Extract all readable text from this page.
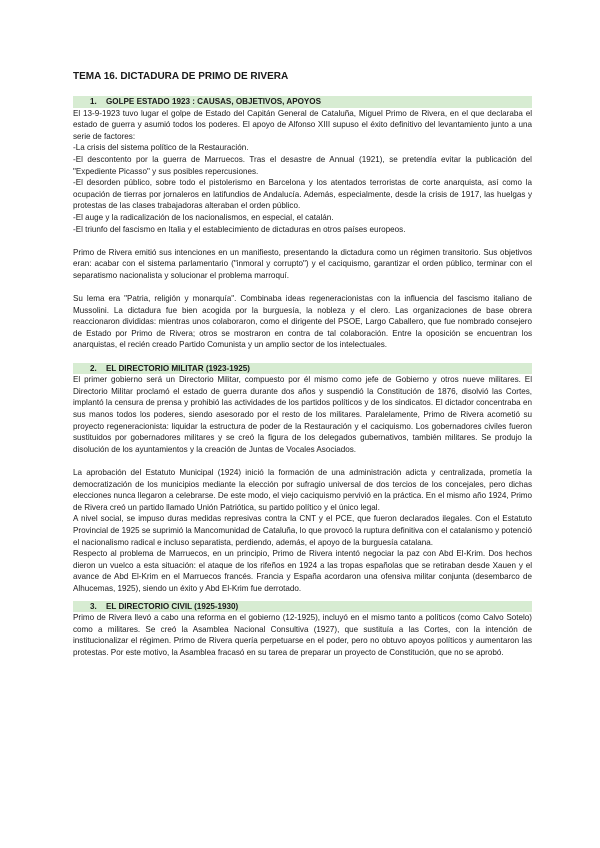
TEMA 16. DICTADURA DE PRIMO DE RIVERA
1. GOLPE ESTADO 1923 : CAUSAS, OBJETIVOS, APOYOS

El 13-9-1923 tuvo lugar el golpe de Estado del Capitán General de Cataluña, Miguel Primo de Rivera, en el que declaraba el estado de guerra y asumió todos los poderes. El apoyo de Alfonso XIII supuso el éxito definitivo del levantamiento junto a una serie de factores:

-La crisis del sistema político de la Restauración.

-El descontento por la guerra de Marruecos. Tras el desastre de Annual (1921), se pretendía evitar la publicación del "Expediente Picasso" y sus posibles repercusiones.

-El desorden público, sobre todo el pistolerismo en Barcelona y los atentados terroristas de corte anarquista, así como la ocupación de tierras por jornaleros en latifundios de Andalucía. Además, especialmente, desde la crisis de 1917, las huelgas y protestas de las clases trabajadoras alteraban el orden público.

-El auge y la radicalización de los nacionalismos, en especial, el catalán.

-El triunfo del fascismo en Italia y el establecimiento de dictaduras en otros países europeos.

Primo de Rivera emitió sus intenciones en un manifiesto, presentando la dictadura como un régimen transitorio. Sus objetivos eran: acabar con el sistema parlamentario ("inmoral y corrupto") y el caciquismo, garantizar el orden público, terminar con el separatismo nacionalista y solucionar el problema marroquí.

Su lema era "Patria, religión y monarquía". Combinaba ideas regeneracionistas con la influencia del fascismo italiano de Mussolini. La dictadura fue bien acogida por la burguesía, la nobleza y el clero. Las organizaciones de base obrera reaccionaron divididas: mientras unos colaboraron, como el dirigente del PSOE, Largo Caballero, que fue nombrado consejero de Estado por Primo de Rivera; otros se mostraron en contra de tal colaboración. Entre la oposición se encuentran los anarquistas, el recién creado Partido Comunista y un amplio sector de los intelectuales.

2. EL DIRECTORIO MILITAR (1923-1925)

El primer gobierno será un Directorio Militar, compuesto por él mismo como jefe de Gobierno y otros nueve militares. El Directorio Militar proclamó el estado de guerra durante dos años y suspendió la Constitución de 1876, disolvió las Cortes, implantó la censura de prensa y prohibió las actividades de los partidos políticos y de los sindicatos. El dictador concentraba en sus manos todos los poderes, siendo asesorado por el resto de los militares. Paralelamente, Primo de Rivera acometió su proyecto regeneracionista: liquidar la estructura de poder de la Restauración y el caciquismo. Los gobernadores civiles fueron sustituidos por gobernadores militares y se creó la figura de los delegados gubernativos, también militares. Se produjo la disolución de los ayuntamientos y la creación de Juntas de Vocales Asociados.

La aprobación del Estatuto Municipal (1924) inició la formación de una administración adicta y centralizada, prometía la democratización de los municipios mediante la elección por sufragio universal de dos tercios de los concejales, pero dichas elecciones nunca llegaron a celebrarse. De este modo, el viejo caciquismo pervivió en la práctica. En el mismo año 1924, Primo de Rivera creó un partido llamado Unión Patriótica, su partido político y el único legal.

A nivel social, se impuso duras medidas represivas contra la CNT y el PCE, que fueron declarados ilegales. Con el Estatuto Provincial de 1925 se suprimió la Mancomunidad de Cataluña, lo que provocó la ruptura definitiva con el catalanismo y potenció el nacionalismo radical e incluso separatista, perdiendo, además, el apoyo de la burguesía catalana.

Respecto al problema de Marruecos, en un principio, Primo de Rivera intentó negociar la paz con Abd El-Krim. Dos hechos dieron un vuelco a esta situación: el ataque de los rifeños en 1924 a las tropas españolas que se retiraban desde Xauen y el avance de Abd El-Krim en el Marruecos francés. Francia y España acordaron una ofensiva militar conjunta (desembarco de Alhucemas, 1925), siendo un éxito y Abd El-Krim fue derrotado.

3. EL DIRECTORIO CIVIL (1925-1930)

Primo de Rivera llevó a cabo una reforma en el gobierno (12-1925), incluyó en el mismo tanto a políticos (como Calvo Sotelo) como a militares. Se creó la Asamblea Nacional Consultiva (1927), que sustituía a las Cortes, con la intención de institucionalizar el régimen. Primo de Rivera quería perpetuarse en el poder, pero no obtuvo apoyos políticos y aumentaron las protestas. Por este motivo, la Asamblea fracasó en su tarea de preparar un proyecto de Constitución, que no se aprobó.
